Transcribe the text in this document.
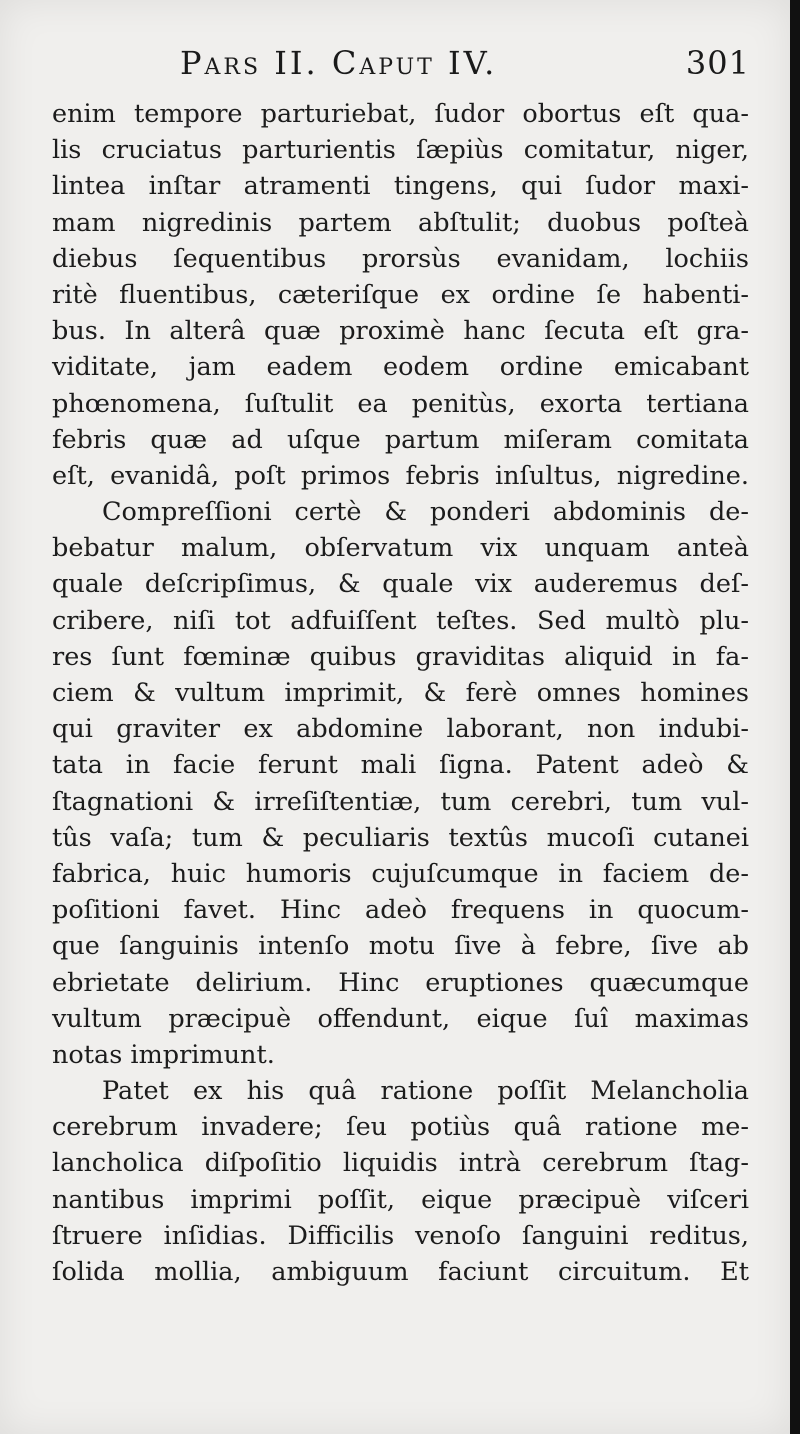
Pars II. Caput IV.	301
enim tempore parturiebat, ſudor obortus eſt qua-
lis cruciatus parturientis ſæpiùs comitatur, niger,
lintea inſtar atramenti tingens, qui ſudor maxi-
mam nigredinis partem abſtulit; duobus poſteà
diebus ſequentibus prorsùs evanidam, lochiis
ritè fluentibus, cæteriſque ex ordine ſe habenti-
bus. In alterâ quæ proximè hanc ſecuta eſt gra-
viditate, jam eadem eodem ordine emicabant
phœnomena, ſuſtulit ea penitùs, exorta tertiana
febris quæ ad uſque partum miſeram comitata
eſt, evanidâ, poſt primos febris inſultus, nigredine.
Compreſſioni certè & ponderi abdominis de-
bebatur malum, obſervatum vix unquam anteà
quale deſcripſimus, & quale vix auderemus deſ-
cribere, niſi tot adfuiſſent teſtes. Sed multò plu-
res ſunt fœminæ quibus graviditas aliquid in fa-
ciem & vultum imprimit, & ferè omnes homines
qui graviter ex abdomine laborant, non indubi-
tata in facie ferunt mali ſigna. Patent adeò &
ſtagnationi & irreſiſtentiæ, tum cerebri, tum vul-
tûs vaſa; tum & peculiaris textûs mucoſi cutanei
fabrica, huic humoris cujuſcumque in faciem de-
poſitioni favet. Hinc adeò frequens in quocum-
que ſanguinis intenſo motu ſive à febre, ſive ab
ebrietate delirium. Hinc eruptiones quæcumque
vultum præcipuè offendunt, eique ſuî maximas
notas imprimunt.
Patet ex his quâ ratione poſſit Melancholia
cerebrum invadere; ſeu potiùs quâ ratione me-
lancholica diſpoſitio liquidis intrà cerebrum ſtag-
nantibus imprimi poſſit, eique præcipuè viſceri
ſtruere inſidias. Difficilis venoſo ſanguini reditus,
ſolida mollia, ambiguum faciunt circuitum. Et
